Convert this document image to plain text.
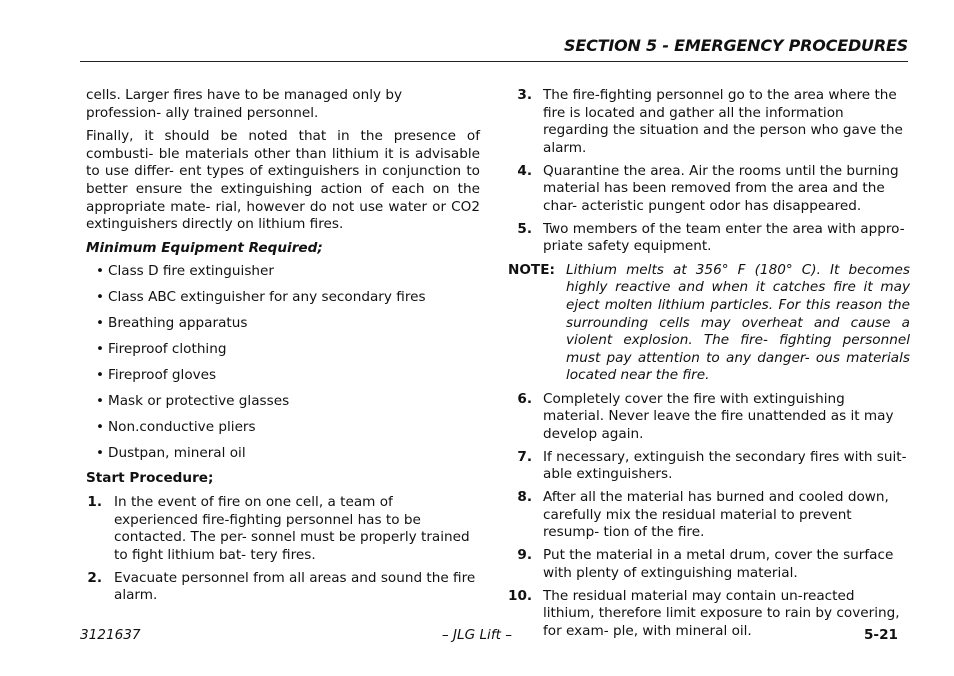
SECTION 5 - EMERGENCY PROCEDURES

cells. Larger fires have to be managed only by profession- ally trained personnel.

Finally, it should be noted that in the presence of combusti- ble materials other than lithium it is advisable to use differ- ent types of extinguishers in conjunction to better ensure the extinguishing action of each on the appropriate mate- rial, however do not use water or CO2 extinguishers directly on lithium fires.

Minimum Equipment Required;
• Class D fire extinguisher
• Class ABC extinguisher for any secondary fires
• Breathing apparatus
• Fireproof clothing
• Fireproof gloves
• Mask or protective glasses
• Non.conductive pliers
• Dustpan, mineral oil
Start Procedure;
1. In the event of fire on one cell, a team of experienced fire-fighting personnel has to be contacted. The per- sonnel must be properly trained to fight lithium bat- tery fires.
2. Evacuate personnel from all areas and sound the fire alarm.
3. The fire-fighting personnel go to the area where the fire is located and gather all the information regarding the situation and the person who gave the alarm.
4. Quarantine the area. Air the rooms until the burning material has been removed from the area and the char- acteristic pungent odor has disappeared.
5. Two members of the team enter the area with appro- priate safety equipment.
NOTE: Lithium melts at 356° F (180° C). It becomes highly reactive and when it catches fire it may eject molten lithium particles. For this reason the surrounding cells may overheat and cause a violent explosion. The fire- fighting personnel must pay attention to any danger- ous materials located near the fire.
6. Completely cover the fire with extinguishing material. Never leave the fire unattended as it may develop again.
7. If necessary, extinguish the secondary fires with suit- able extinguishers.
8. After all the material has burned and cooled down, carefully mix the residual material to prevent resump- tion of the fire.
9. Put the material in a metal drum, cover the surface with plenty of extinguishing material.
10. The residual material may contain un-reacted lithium, therefore limit exposure to rain by covering, for exam- ple, with mineral oil.
3121637	– JLG Lift –	5-21
